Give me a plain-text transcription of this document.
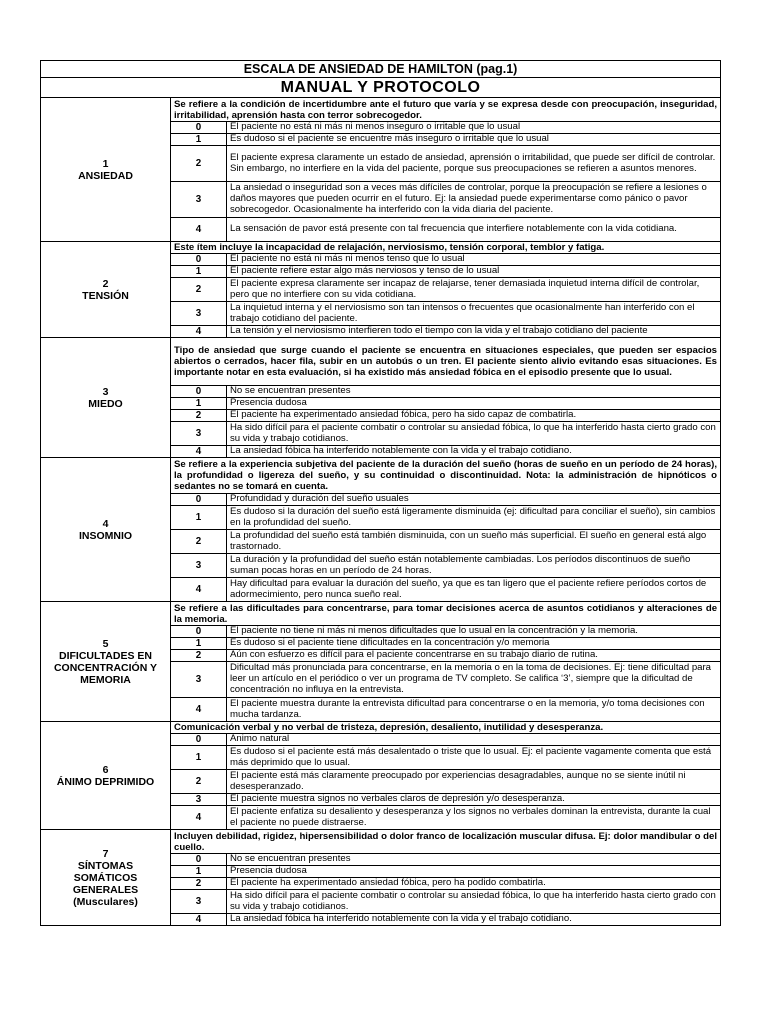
ESCALA DE ANSIEDAD DE HAMILTON (pag.1)		
MANUAL Y PROTOCOLO		

1
ANSIEDAD	Se refiere a la condición de incertidumbre ante el futuro que varía y se expresa desde con preocupación, inseguridad, irritabilidad, aprensión hasta con terror sobrecogedor.	
	0	El paciente no está ni más ni menos inseguro o irritable que lo usual
	1	Es dudoso si el paciente se encuentre más inseguro o irritable que lo usual
	2	El paciente expresa claramente un estado de ansiedad, aprensión o irritabilidad, que puede ser difícil de controlar. Sin embargo, no interfiere en la vida del paciente, porque sus preocupaciones se refieren a asuntos menores.
	3	La ansiedad o inseguridad son a veces más difíciles de controlar, porque la preocupación se refiere a lesiones o daños mayores que pueden ocurrir en el futuro. Ej: la ansiedad puede experimentarse como pánico o pavor sobrecogedor. Ocasionalmente ha interferido con la vida diaria del paciente.
	4	La sensación de pavor está presente con tal frecuencia que interfiere notablemente con la vida cotidiana.

2
TENSIÓN	Este ítem incluye la incapacidad de relajación, nerviosismo, tensión corporal, temblor y fatiga.	
	0	El paciente no está ni más ni menos tenso que lo usual
	1	El paciente refiere estar algo más nerviosos y tenso de lo usual
	2	El paciente expresa claramente ser incapaz de relajarse, tener demasiada inquietud interna difícil de controlar, pero que no interfiere con su vida cotidiana.
	3	La inquietud interna y el nerviosismo son tan intensos o frecuentes que ocasionalmente han interferido con el trabajo cotidiano del paciente.
	4	La tensión y el nerviosismo interfieren todo el tiempo con la vida y el trabajo cotidiano del paciente

3
MIEDO	Tipo de ansiedad que surge cuando el paciente se encuentra en situaciones especiales, que pueden ser espacios abiertos o cerrados, hacer fila, subir en un autobús o un tren. El paciente siento alivio evitando esas situaciones. Es importante notar en esta evaluación, si ha existido más ansiedad fóbica en el episodio presente que lo usual.	
	0	No se encuentran presentes
	1	Presencia dudosa
	2	El paciente ha experimentado ansiedad fóbica, pero ha sido capaz de combatirla.
	3	Ha sido difícil para el paciente combatir o controlar su ansiedad fóbica, lo que ha interferido hasta cierto grado con su vida y trabajo cotidianos.
	4	La ansiedad fóbica ha interferido notablemente con la vida y el trabajo cotidiano.

4
INSOMNIO	Se refiere a la experiencia subjetiva del paciente de la duración del sueño (horas de sueño en un período de 24 horas), la profundidad o ligereza del sueño, y su continuidad o discontinuidad. Nota: la administración de hipnóticos o sedantes no se tomará en cuenta.	
	0	Profundidad y duración del sueño usuales
	1	Es dudoso si la duración del sueño está ligeramente disminuida (ej: dificultad para conciliar el sueño), sin cambios en la profundidad del sueño.
	2	La profundidad del sueño está también disminuida, con un sueño más superficial. El sueño en general está algo trastornado.
	3	La duración y la profundidad del sueño están notablemente cambiadas. Los períodos discontinuos de sueño suman pocas horas en un período de 24 horas.
	4	Hay dificultad para evaluar la duración del sueño, ya que es tan ligero que el paciente refiere períodos cortos de adormecimiento, pero nunca sueño real.

5
DIFICULTADES EN
CONCENTRACIÓN Y
MEMORIA	Se refiere a las dificultades para concentrarse, para tomar decisiones acerca de asuntos cotidianos y alteraciones de la memoria.	
	0	El paciente no tiene ni más ni menos dificultades que lo usual en la concentración y la memoria.
	1	Es dudoso si el paciente tiene dificultades en la concentración y/o memoria
	2	Aún con esfuerzo es difícil para el paciente concentrarse en su trabajo diario de rutina.
	3	Dificultad más pronunciada para concentrarse, en la memoria o en la toma de decisiones. Ej: tiene dificultad para leer un artículo en el periódico o ver un programa de TV completo. Se califica ‘3’, siempre que la dificultad de concentración no influya en la entrevista.
	4	El paciente muestra durante la entrevista dificultad para concentrarse o en la memoria, y/o toma decisiones con mucha tardanza.

6
ÁNIMO DEPRIMIDO	Comunicación verbal y no verbal de tristeza, depresión, desaliento, inutilidad y desesperanza.	
	0	Ánimo natural
	1	Es dudoso si el paciente está más desalentado o triste que lo usual. Ej: el paciente vagamente comenta que está más deprimido que lo usual.
	2	El paciente está más claramente preocupado por experiencias desagradables, aunque no se siente inútil ni desesperanzado.
	3	El paciente muestra signos no verbales claros de depresión y/o desesperanza.
	4	El paciente enfatiza su desaliento y desesperanza y los signos no verbales dominan la entrevista, durante la cual el paciente no puede distraerse.

7
SÍNTOMAS
SOMÁTICOS
GENERALES
(Musculares)	Incluyen debilidad, rigidez, hipersensibilidad o dolor franco de localización muscular difusa. Ej: dolor mandibular o del cuello.	
	0	No se encuentran presentes
	1	Presencia dudosa
	2	El paciente ha experimentado ansiedad fóbica, pero ha podido combatirla.
	3	Ha sido difícil para el paciente combatir o controlar su ansiedad fóbica, lo que ha interferido hasta cierto grado con su vida y trabajo cotidianos.
	4	La ansiedad fóbica ha interferido notablemente con la vida y el trabajo cotidiano.
